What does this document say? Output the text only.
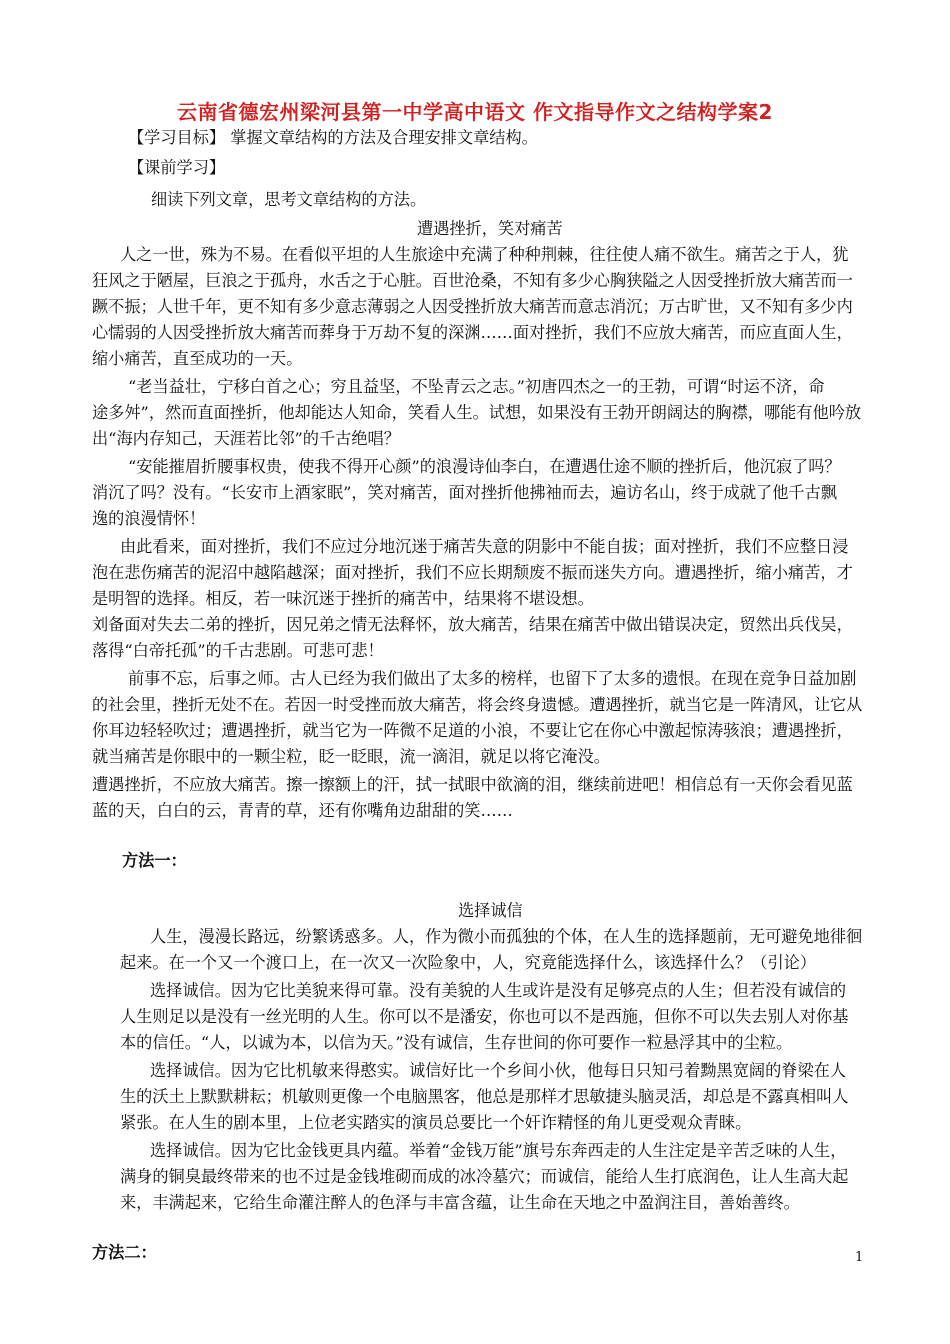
云南省德宏州梁河县第一中学高中语文 作文指导作文之结构学案2
【学习目标】 掌握文章结构的方法及合理安排文章结构。
【课前学习】
细读下列文章，思考文章结构的方法。
遭遇挫折，笑对痛苦
人之一世，殊为不易。在看似平坦的人生旅途中充满了种种荆棘，往往使人痛不欲生。痛苦之于人，犹
狂风之于陋屋，巨浪之于孤舟，水舌之于心脏。百世沧桑，不知有多少心胸狭隘之人因受挫折放大痛苦而一
蹶不振；人世千年，更不知有多少意志薄弱之人因受挫折放大痛苦而意志消沉；万古旷世，又不知有多少内
心懦弱的人因受挫折放大痛苦而葬身于万劫不复的深渊……面对挫折，我们不应放大痛苦，而应直面人生，
缩小痛苦，直至成功的一天。
“老当益壮，宁移白首之心；穷且益坚，不坠青云之志。”初唐四杰之一的王勃，可谓“时运不济，命
途多舛”，然而直面挫折，他却能达人知命，笑看人生。试想，如果没有王勃开朗阔达的胸襟，哪能有他吟放
出“海内存知己，天涯若比邻”的千古绝唱？
“安能摧眉折腰事权贵，使我不得开心颜”的浪漫诗仙李白，在遭遇仕途不顺的挫折后，他沉寂了吗？
消沉了吗？没有。“长安市上酒家眠”，笑对痛苦，面对挫折他拂袖而去，遍访名山，终于成就了他千古飘
逸的浪漫情怀！
由此看来，面对挫折，我们不应过分地沉迷于痛苦失意的阴影中不能自拔；面对挫折，我们不应整日浸
泡在悲伤痛苦的泥沼中越陷越深；面对挫折，我们不应长期颓废不振而迷失方向。遭遇挫折，缩小痛苦，才
是明智的选择。相反，若一味沉迷于挫折的痛苦中，结果将不堪设想。
刘备面对失去二弟的挫折，因兄弟之情无法释怀，放大痛苦，结果在痛苦中做出错误决定，贸然出兵伐吴，
落得“白帝托孤”的千古悲剧。可悲可悲！
前事不忘，后事之师。古人已经为我们做出了太多的榜样，也留下了太多的遗恨。在现在竞争日益加剧
的社会里，挫折无处不在。若因一时受挫而放大痛苦，将会终身遗憾。遭遇挫折，就当它是一阵清风，让它从
你耳边轻轻吹过；遭遇挫折，就当它为一阵微不足道的小浪，不要让它在你心中激起惊涛骇浪；遭遇挫折，
就当痛苦是你眼中的一颗尘粒，眨一眨眼，流一滴泪，就足以将它淹没。
遭遇挫折，不应放大痛苦。擦一擦额上的汗，拭一拭眼中欲滴的泪，继续前进吧！相信总有一天你会看见蓝
蓝的天，白白的云，青青的草，还有你嘴角边甜甜的笑……
方法一：
选择诚信
人生，漫漫长路远，纷繁诱惑多。人，作为微小而孤独的个体，在人生的选择题前，无可避免地徘徊
起来。在一个又一个渡口上，在一次又一次险象中，人，究竟能选择什么，该选择什么？（引论）
选择诚信。因为它比美貌来得可靠。没有美貌的人生或许是没有足够亮点的人生；但若没有诚信的
人生则足以是没有一丝光明的人生。你可以不是潘安，你也可以不是西施，但你不可以失去别人对你基
本的信任。“人，以诚为本，以信为天。”没有诚信，生存世间的你可要作一粒悬浮其中的尘粒。
选择诚信。因为它比机敏来得憨实。诚信好比一个乡间小伙，他每日只知弓着黝黑宽阔的脊梁在人
生的沃土上默默耕耘；机敏则更像一个电脑黑客，他总是那样才思敏捷头脑灵活，却总是不露真相叫人
紧张。在人生的剧本里，上位老实踏实的演员总要比一个奸诈精怪的角儿更受观众青睐。
选择诚信。因为它比金钱更具内蕴。举着“金钱万能”旗号东奔西走的人生注定是辛苦乏味的人生，
满身的铜臭最终带来的也不过是金钱堆砌而成的冰冷墓穴；而诚信，能给人生打底润色，让人生高大起
来，丰满起来，它给生命灌注醉人的色泽与丰富含蕴，让生命在天地之中盈润注目，善始善终。
方法二：	1
